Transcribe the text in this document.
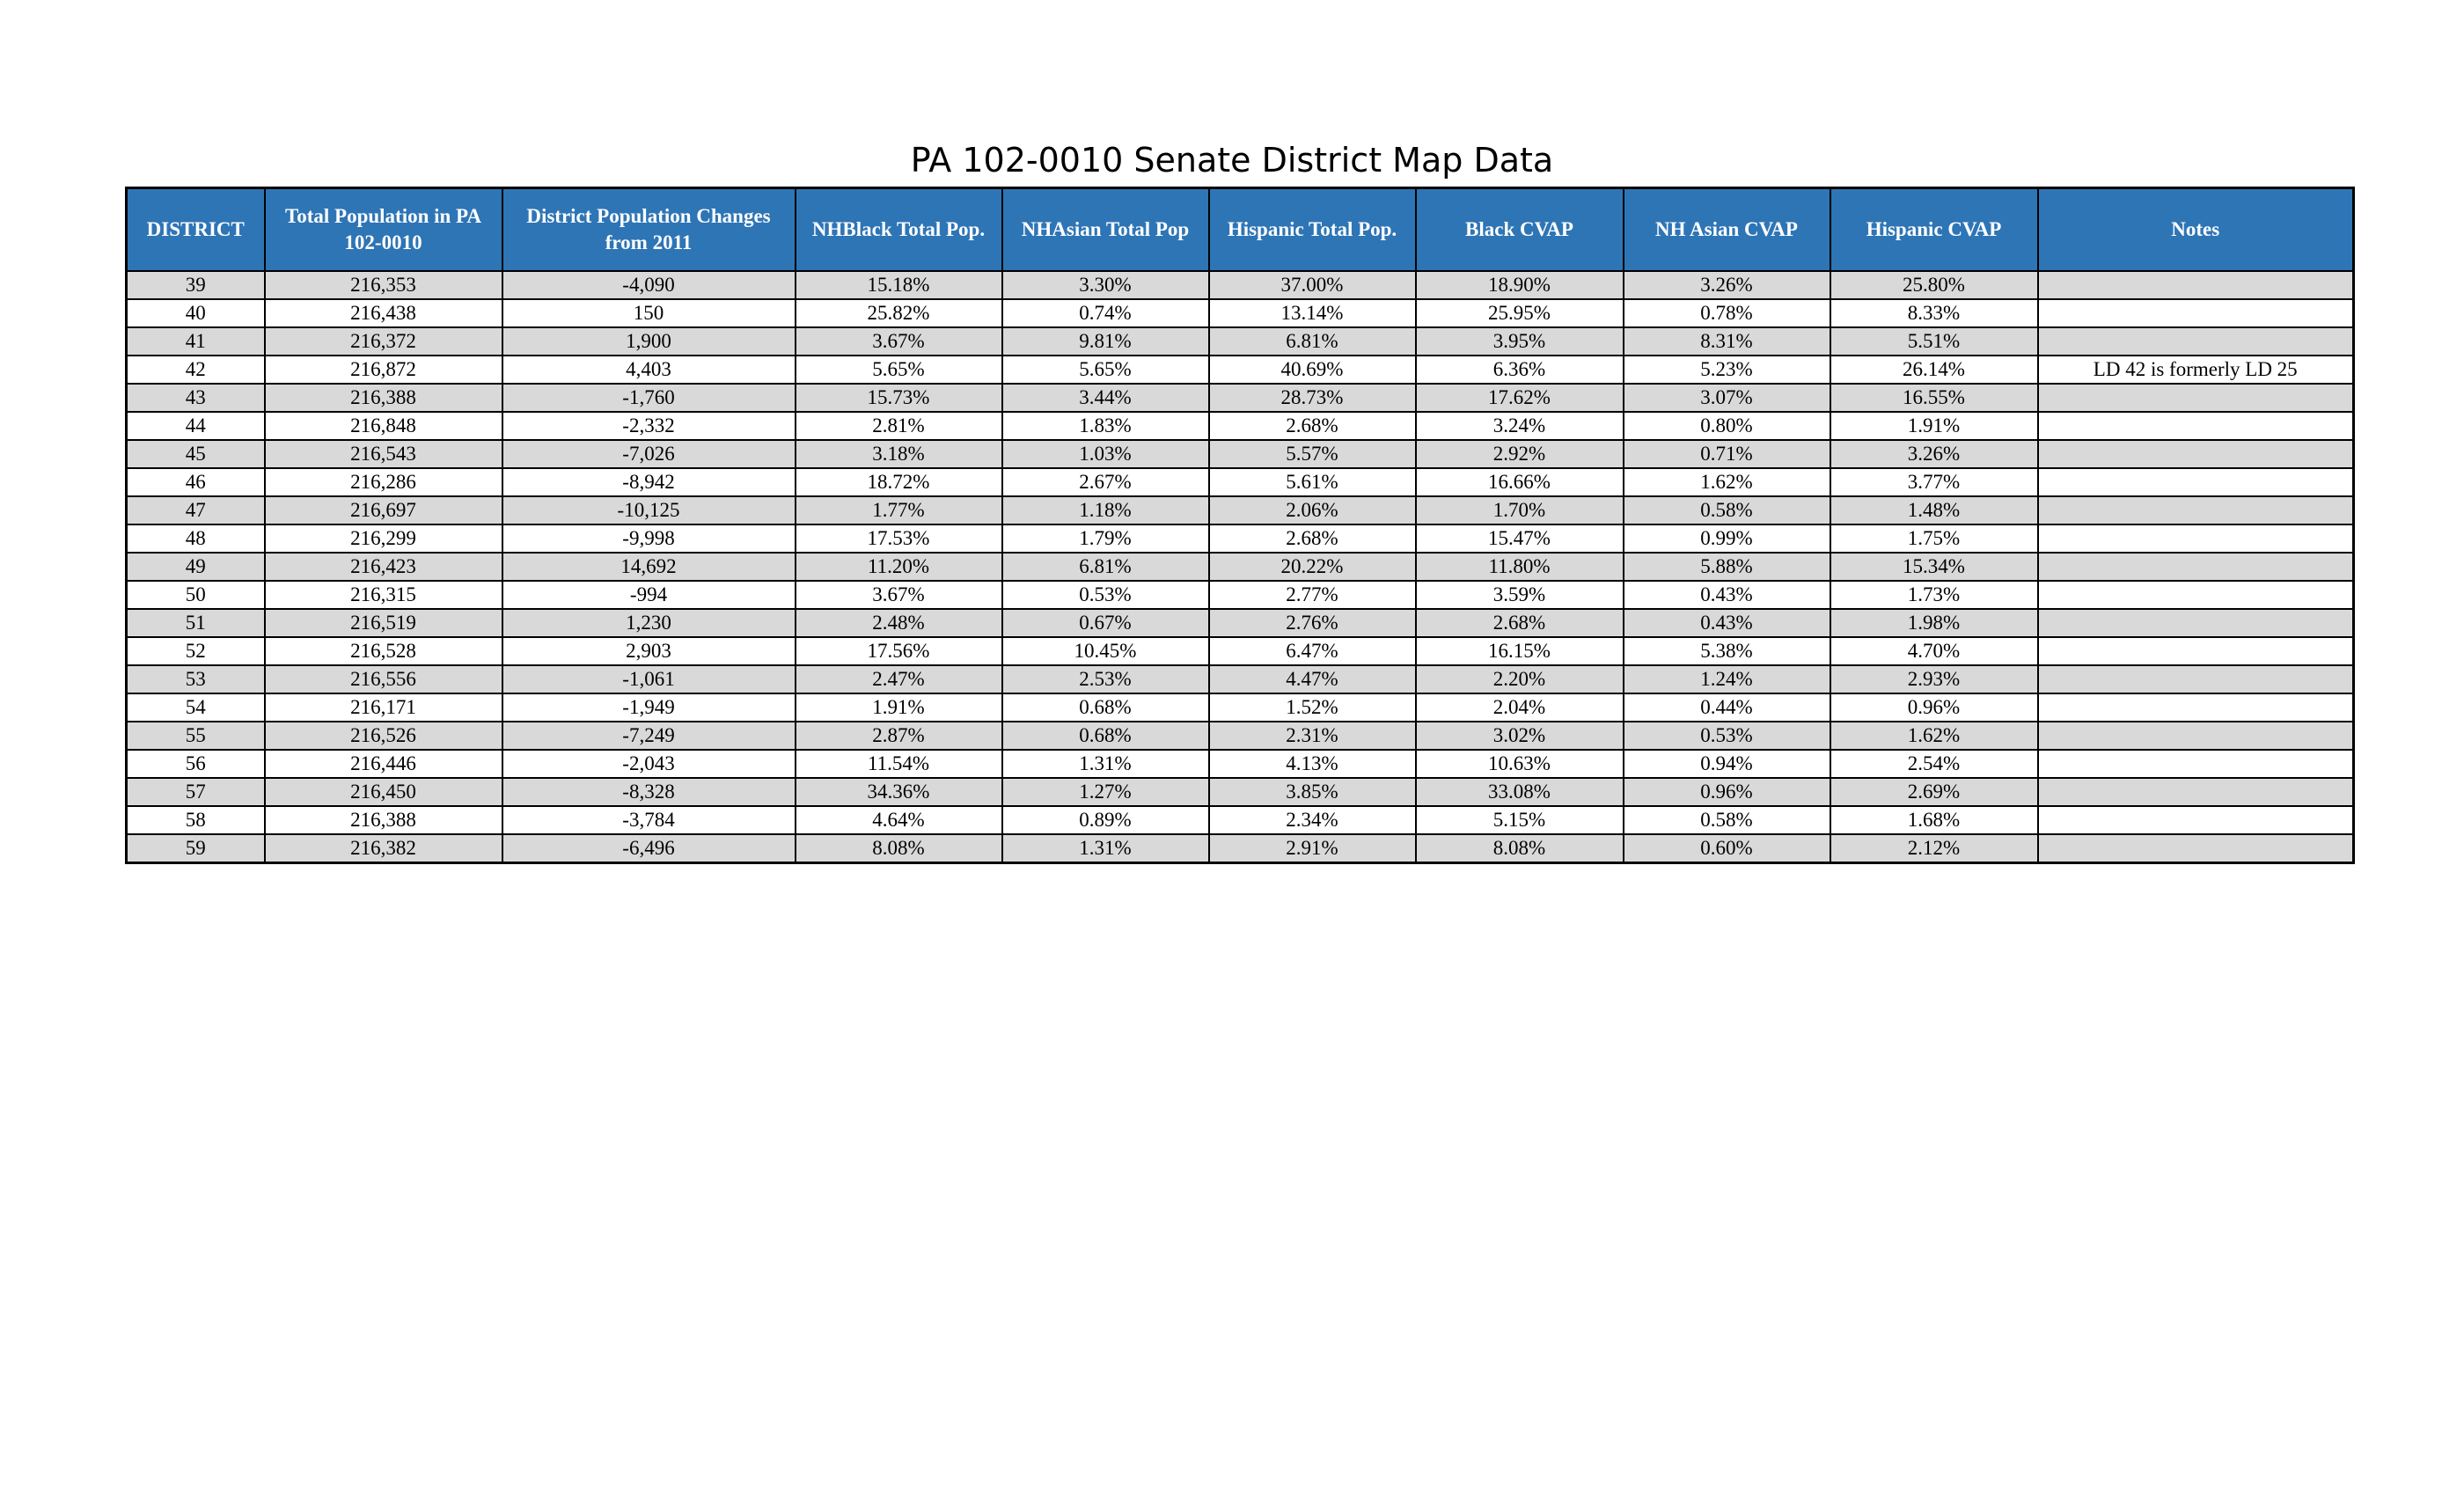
PA 102-0010 Senate District Map Data
DISTRICT	Total Population in PA 102-0010	District Population Changes from 2011	NHBlack Total Pop.	NHAsian Total Pop	Hispanic Total Pop.	Black CVAP	NH Asian CVAP	Hispanic CVAP	Notes
39	216,353	-4,090	15.18%	3.30%	37.00%	18.90%	3.26%	25.80%	
40	216,438	150	25.82%	0.74%	13.14%	25.95%	0.78%	8.33%	
41	216,372	1,900	3.67%	9.81%	6.81%	3.95%	8.31%	5.51%	
42	216,872	4,403	5.65%	5.65%	40.69%	6.36%	5.23%	26.14%	LD 42 is formerly LD 25
43	216,388	-1,760	15.73%	3.44%	28.73%	17.62%	3.07%	16.55%	
44	216,848	-2,332	2.81%	1.83%	2.68%	3.24%	0.80%	1.91%	
45	216,543	-7,026	3.18%	1.03%	5.57%	2.92%	0.71%	3.26%	
46	216,286	-8,942	18.72%	2.67%	5.61%	16.66%	1.62%	3.77%	
47	216,697	-10,125	1.77%	1.18%	2.06%	1.70%	0.58%	1.48%	
48	216,299	-9,998	17.53%	1.79%	2.68%	15.47%	0.99%	1.75%	
49	216,423	14,692	11.20%	6.81%	20.22%	11.80%	5.88%	15.34%	
50	216,315	-994	3.67%	0.53%	2.77%	3.59%	0.43%	1.73%	
51	216,519	1,230	2.48%	0.67%	2.76%	2.68%	0.43%	1.98%	
52	216,528	2,903	17.56%	10.45%	6.47%	16.15%	5.38%	4.70%	
53	216,556	-1,061	2.47%	2.53%	4.47%	2.20%	1.24%	2.93%	
54	216,171	-1,949	1.91%	0.68%	1.52%	2.04%	0.44%	0.96%	
55	216,526	-7,249	2.87%	0.68%	2.31%	3.02%	0.53%	1.62%	
56	216,446	-2,043	11.54%	1.31%	4.13%	10.63%	0.94%	2.54%	
57	216,450	-8,328	34.36%	1.27%	3.85%	33.08%	0.96%	2.69%	
58	216,388	-3,784	4.64%	0.89%	2.34%	5.15%	0.58%	1.68%	
59	216,382	-6,496	8.08%	1.31%	2.91%	8.08%	0.60%	2.12%	
